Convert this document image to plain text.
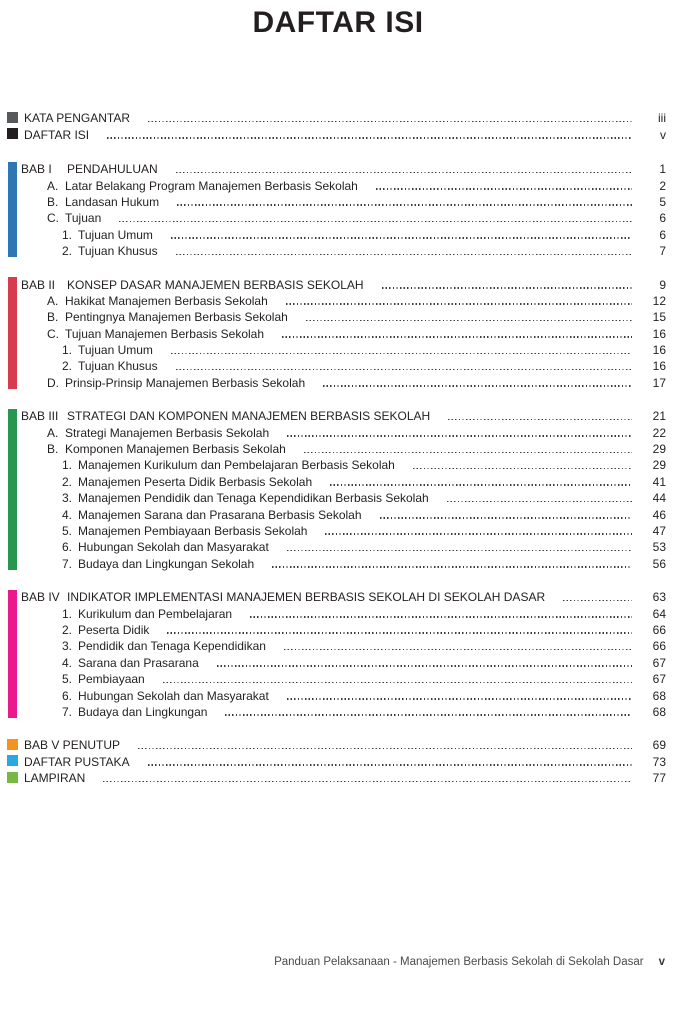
DAFTAR ISI
KATA PENGANTAR	iii
DAFTAR ISI	v
BAB I	PENDAHULUAN	1
A. Latar Belakang Program Manajemen Berbasis Sekolah	2
B. Landasan Hukum	5
C. Tujuan	6
1. Tujuan Umum	6
2. Tujuan Khusus	7
BAB II KONSEP DASAR MANAJEMEN BERBASIS SEKOLAH	9
A. Hakikat Manajemen Berbasis Sekolah	12
B. Pentingnya Manajemen Berbasis Sekolah	15
C. Tujuan Manajemen Berbasis Sekolah	16
1. Tujuan Umum	16
2. Tujuan Khusus	16
D. Prinsip-Prinsip Manajemen Berbasis Sekolah	17
BAB III STRATEGI DAN KOMPONEN MANAJEMEN BERBASIS SEKOLAH	21
A. Strategi Manajemen Berbasis Sekolah	22
B. Komponen Manajemen Berbasis Sekolah	29
1. Manajemen Kurikulum dan Pembelajaran Berbasis Sekolah	29
2. Manajemen Peserta Didik Berbasis Sekolah	41
3. Manajemen Pendidik dan Tenaga Kependidikan Berbasis Sekolah	44
4. Manajemen Sarana dan Prasarana Berbasis Sekolah	46
5. Manajemen Pembiayaan Berbasis Sekolah	47
6. Hubungan Sekolah dan Masyarakat	53
7. Budaya dan Lingkungan Sekolah	56
BAB IV INDIKATOR IMPLEMENTASI MANAJEMEN BERBASIS SEKOLAH DI SEKOLAH DASAR	63
1. Kurikulum dan Pembelajaran	64
2. Peserta Didik	66
3. Pendidik dan Tenaga Kependidikan	66
4. Sarana dan Prasarana	67
5. Pembiayaan	67
6. Hubungan Sekolah dan Masyarakat	68
7. Budaya dan Lingkungan	68
BAB V PENUTUP	69
DAFTAR PUSTAKA	73
LAMPIRAN	77
Panduan Pelaksanaan - Manajemen Berbasis Sekolah di Sekolah Dasar v
